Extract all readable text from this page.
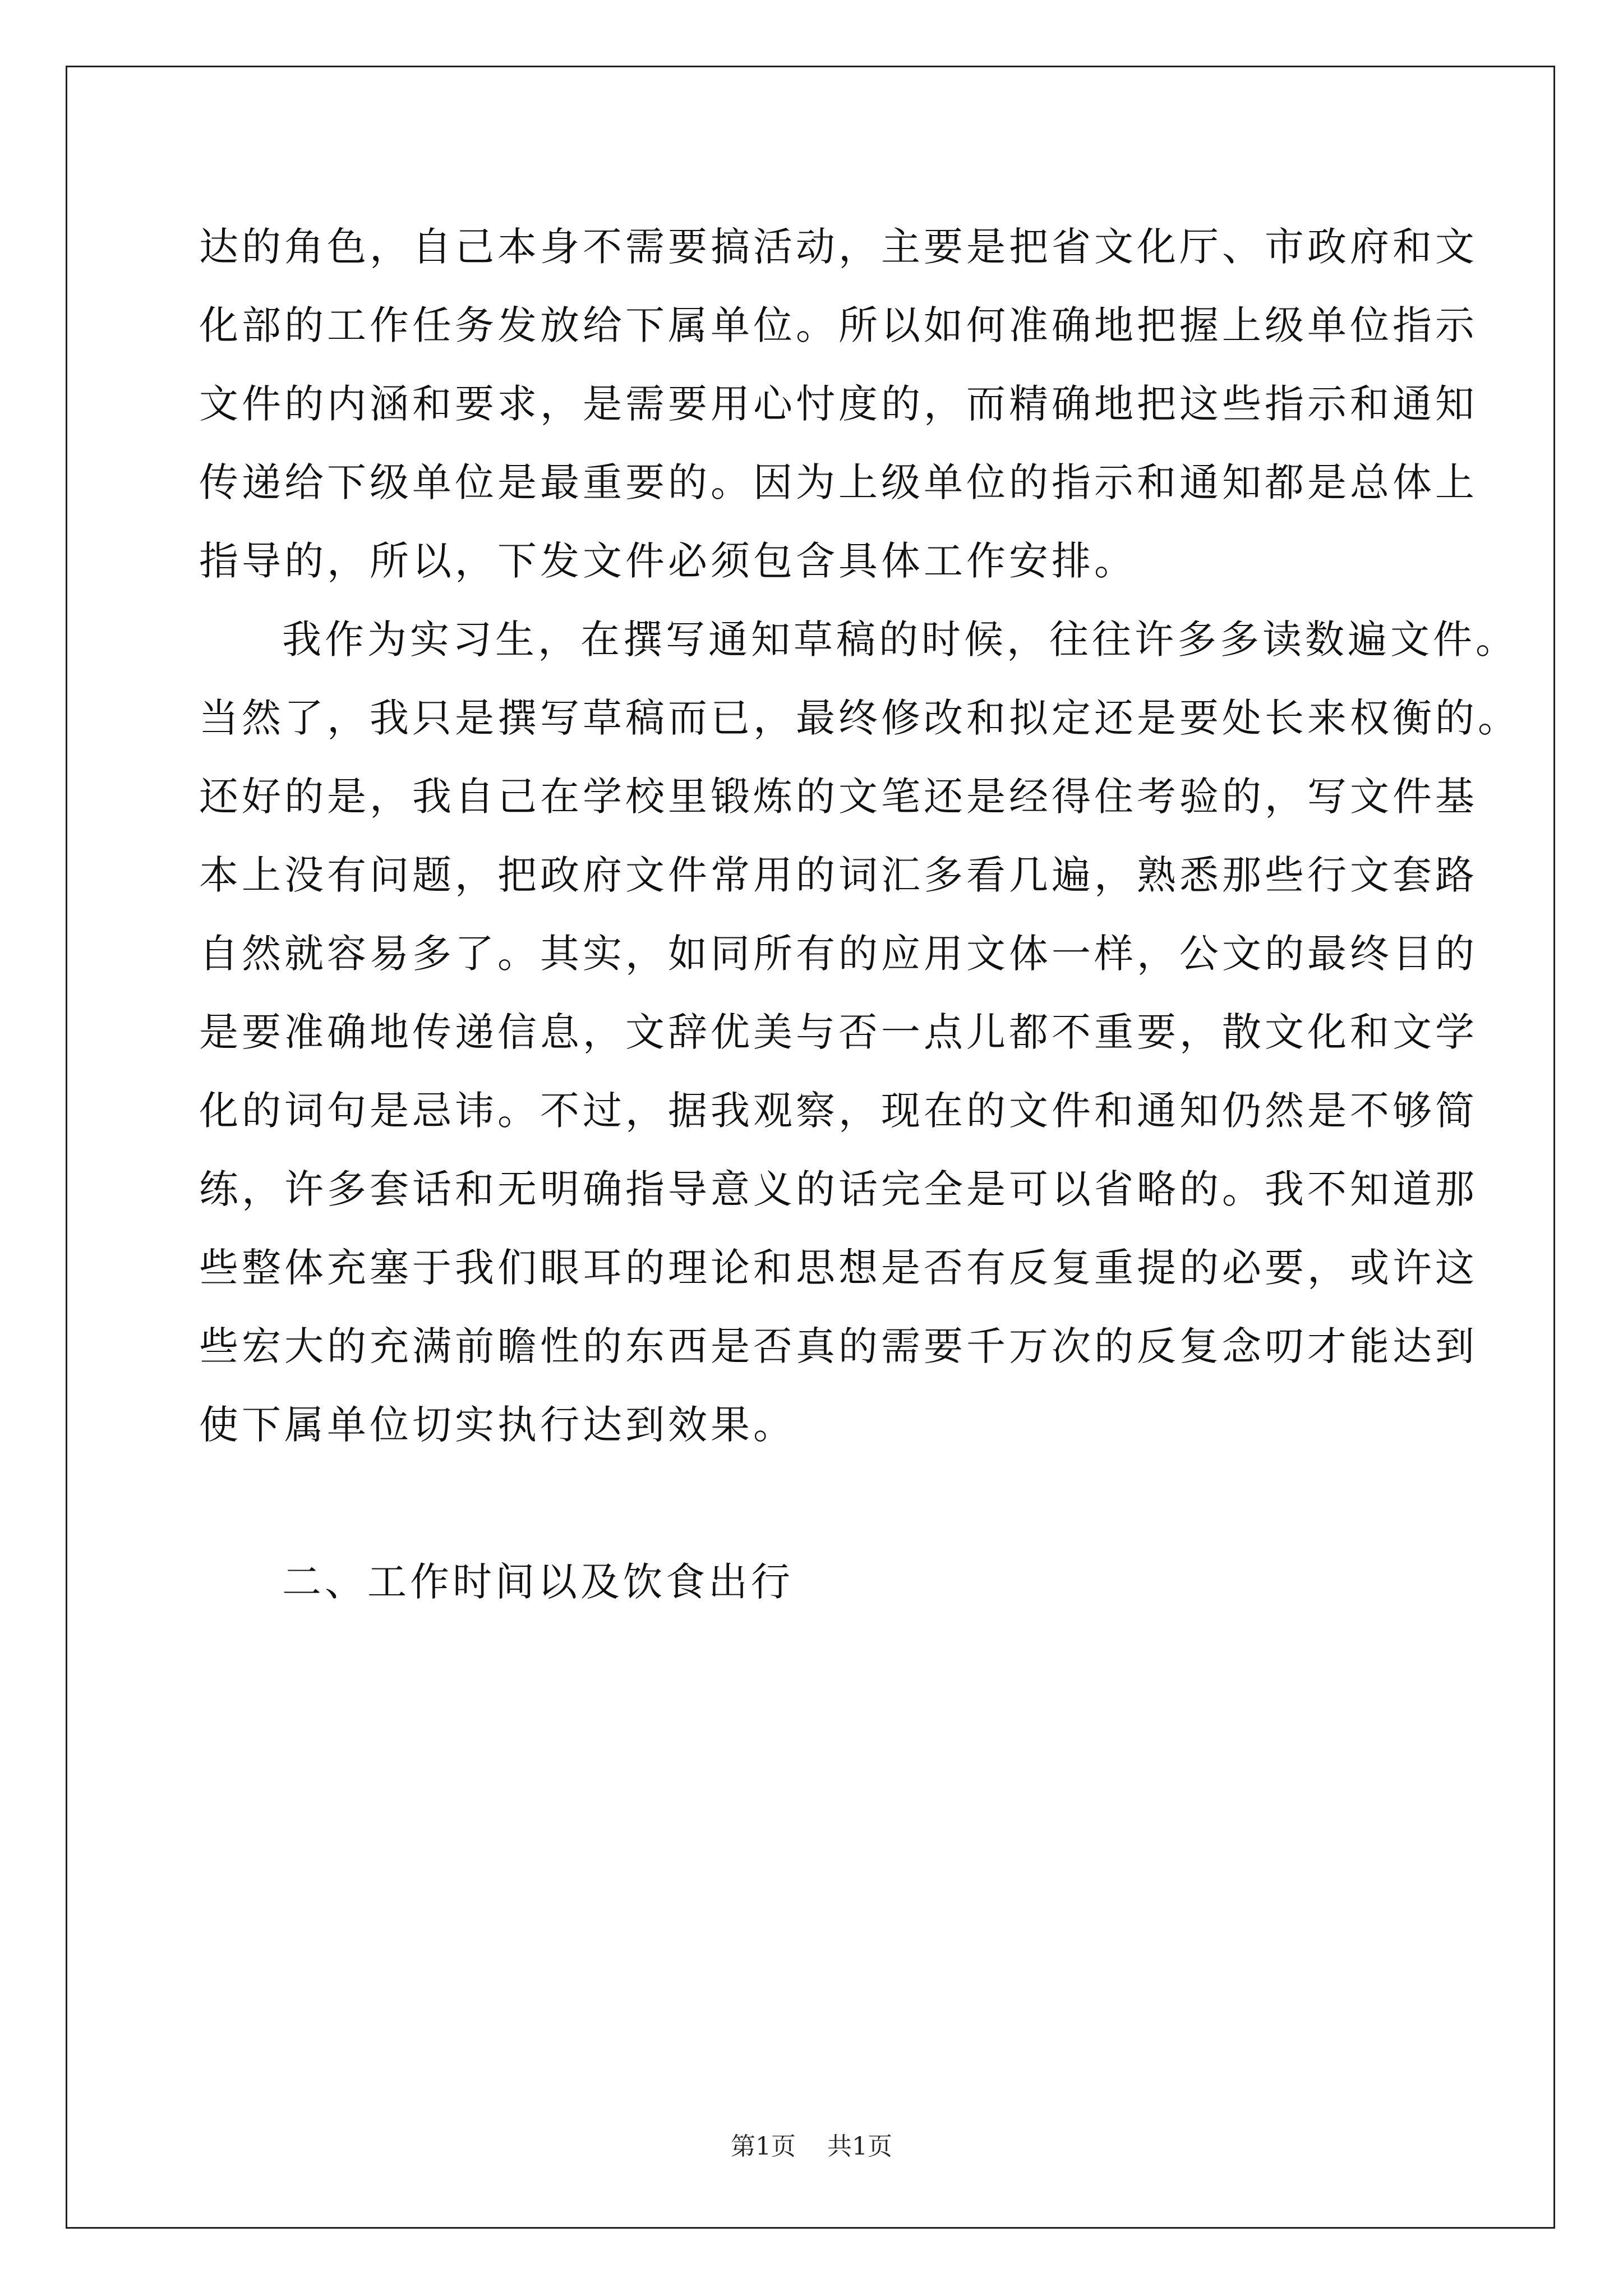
达的角色，自己本身不需要搞活动，主要是把省文化厅、市政府和文
化部的工作任务发放给下属单位。所以如何准确地把握上级单位指示
文件的内涵和要求，是需要用心忖度的，而精确地把这些指示和通知
传递给下级单位是最重要的。因为上级单位的指示和通知都是总体上
指导的，所以，下发文件必须包含具体工作安排。
我作为实习生，在撰写通知草稿的时候，往往许多多读数遍文件。
当然了，我只是撰写草稿而已，最终修改和拟定还是要处长来权衡的。
还好的是，我自己在学校里锻炼的文笔还是经得住考验的，写文件基
本上没有问题，把政府文件常用的词汇多看几遍，熟悉那些行文套路
自然就容易多了。其实，如同所有的应用文体一样，公文的最终目的
是要准确地传递信息，文辞优美与否一点儿都不重要，散文化和文学
化的词句是忌讳。不过，据我观察，现在的文件和通知仍然是不够简
练，许多套话和无明确指导意义的话完全是可以省略的。我不知道那
些整体充塞于我们眼耳的理论和思想是否有反复重提的必要，或许这
些宏大的充满前瞻性的东西是否真的需要千万次的反复念叨才能达到
使下属单位切实执行达到效果。
二、工作时间以及饮食出行
第1页 共1页
